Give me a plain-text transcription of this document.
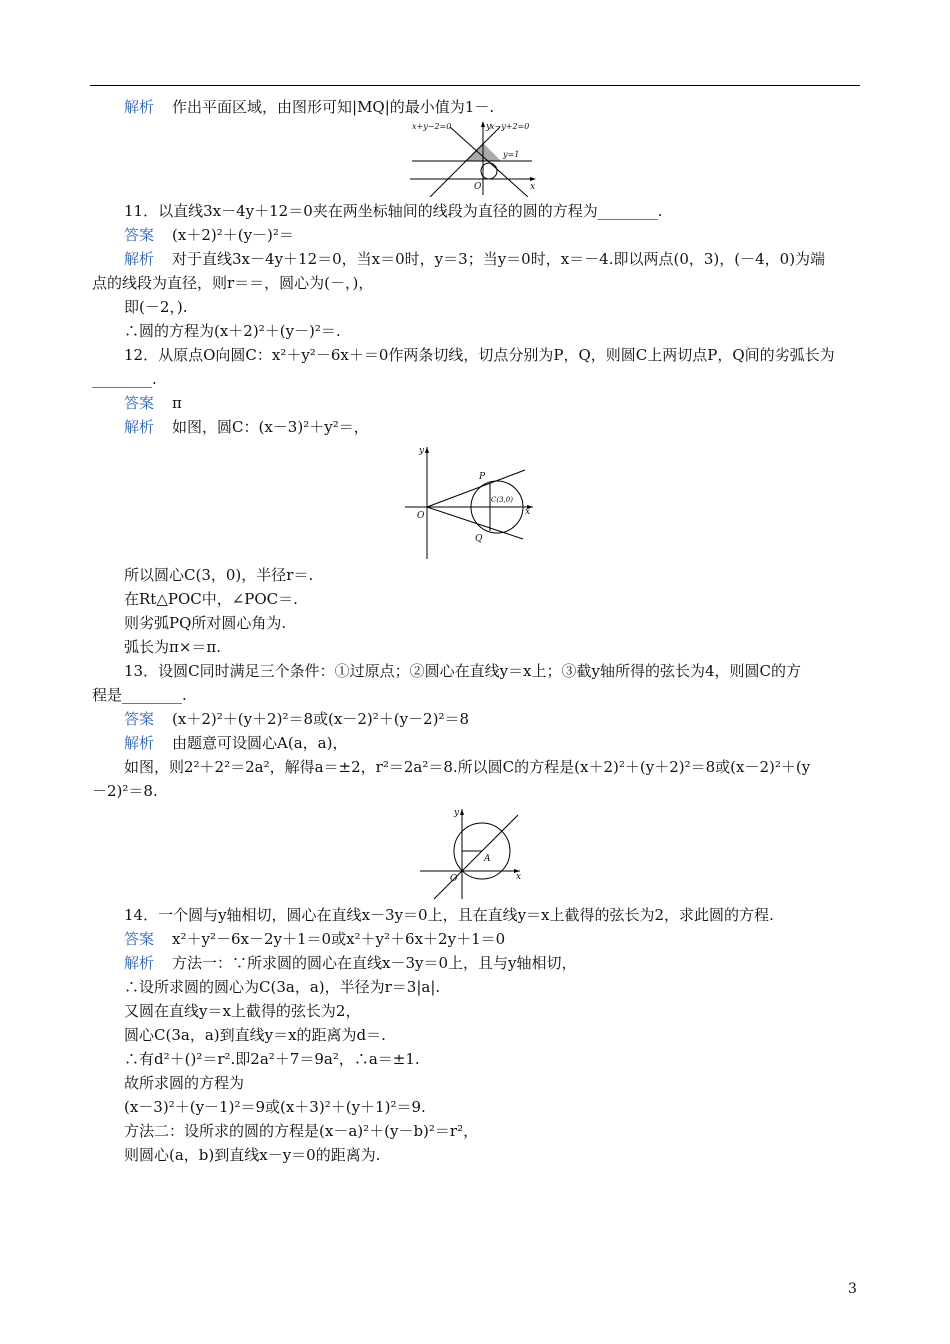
解析 作出平面区域，由图形可知|MQ|的最小值为1－.
x+y−2=0	x−y+2=0
y=1
x
y
O
11．以直线3x－4y＋12＝0夹在两坐标轴间的线段为直径的圆的方程为________.
答案 (x＋2)²＋(y－)²＝
解析 对于直线3x－4y＋12＝0，当x＝0时，y＝3；当y＝0时，x＝－4.即以两点(0，3)，(－4，0)为端
点的线段为直径，则r＝＝，圆心为(－，)，
即(－2，).
∴圆的方程为(x＋2)²＋(y－)²＝.
12．从原点O向圆C：x²＋y²－6x＋＝0作两条切线，切点分别为P，Q，则圆C上两切点P，Q间的劣弧长为
________.
答案 π
解析 如图，圆C：(x－3)²＋y²＝，
x
y
O
P
Q
C(3,0)
所以圆心C(3，0)，半径r＝.
在Rt△POC中，∠POC＝.
则劣弧PQ所对圆心角为.
弧长为π×＝π.
13．设圆C同时满足三个条件：①过原点；②圆心在直线y＝x上；③截y轴所得的弦长为4，则圆C的方
程是________.
答案 (x＋2)²＋(y＋2)²＝8或(x－2)²＋(y－2)²＝8
解析 由题意可设圆心A(a，a)，
如图，则2²＋2²＝2a²，解得a＝±2，r²＝2a²＝8.所以圆C的方程是(x＋2)²＋(y＋2)²＝8或(x－2)²＋(y
－2)²＝8.
x
y
O
A
14．一个圆与y轴相切，圆心在直线x－3y＝0上，且在直线y＝x上截得的弦长为2，求此圆的方程.
答案 x²＋y²－6x－2y＋1＝0或x²＋y²＋6x＋2y＋1＝0
解析 方法一：∵所求圆的圆心在直线x－3y＝0上，且与y轴相切，
∴设所求圆的圆心为C(3a，a)，半径为r＝3|a|.
又圆在直线y＝x上截得的弦长为2，
圆心C(3a，a)到直线y＝x的距离为d＝.
∴有d²＋()²＝r².即2a²＋7＝9a²，∴a＝±1.
故所求圆的方程为
(x－3)²＋(y－1)²＝9或(x＋3)²＋(y＋1)²＝9.
方法二：设所求的圆的方程是(x－a)²＋(y－b)²＝r²，
则圆心(a，b)到直线x－y＝0的距离为.
3
